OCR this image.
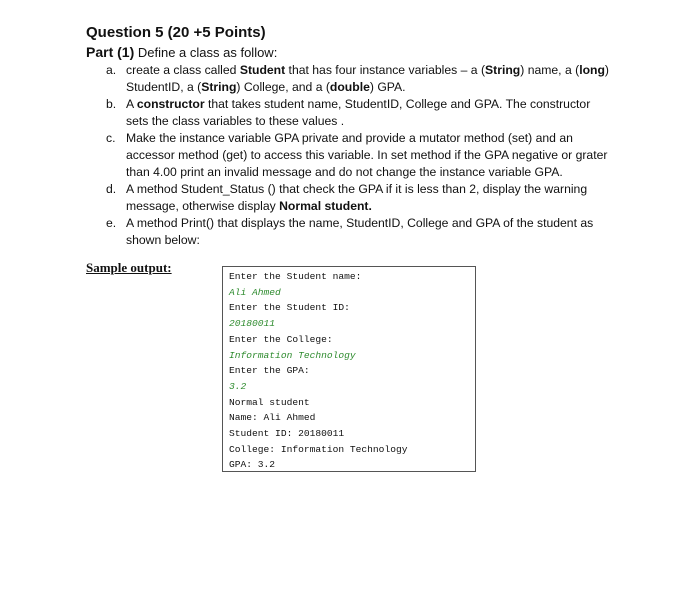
Question 5 (20 +5 Points)

Part (1) Define a class as follow:

a. create a class called Student that has four instance variables – a (String) name, a (long) StudentID, a (String) College, and a (double) GPA.
b. A constructor that takes student name, StudentID, College and GPA. The constructor sets the class variables to these values .
c. Make the instance variable GPA private and provide a mutator method (set) and an accessor method (get) to access this variable. In set method if the GPA negative or grater than 4.00 print an invalid message and do not change the instance variable GPA.
d. A method Student_Status () that check the GPA if it is less than 2, display the warning message, otherwise display Normal student.
e. A method Print() that displays the name, StudentID, College and GPA of the student as shown below:
Sample output:
Enter the Student name:
Ali Ahmed
Enter the Student ID:
20180011
Enter the College:
Information Technology
Enter the GPA:
3.2
Normal student
Name: Ali Ahmed
Student ID: 20180011
College: Information Technology
GPA: 3.2
